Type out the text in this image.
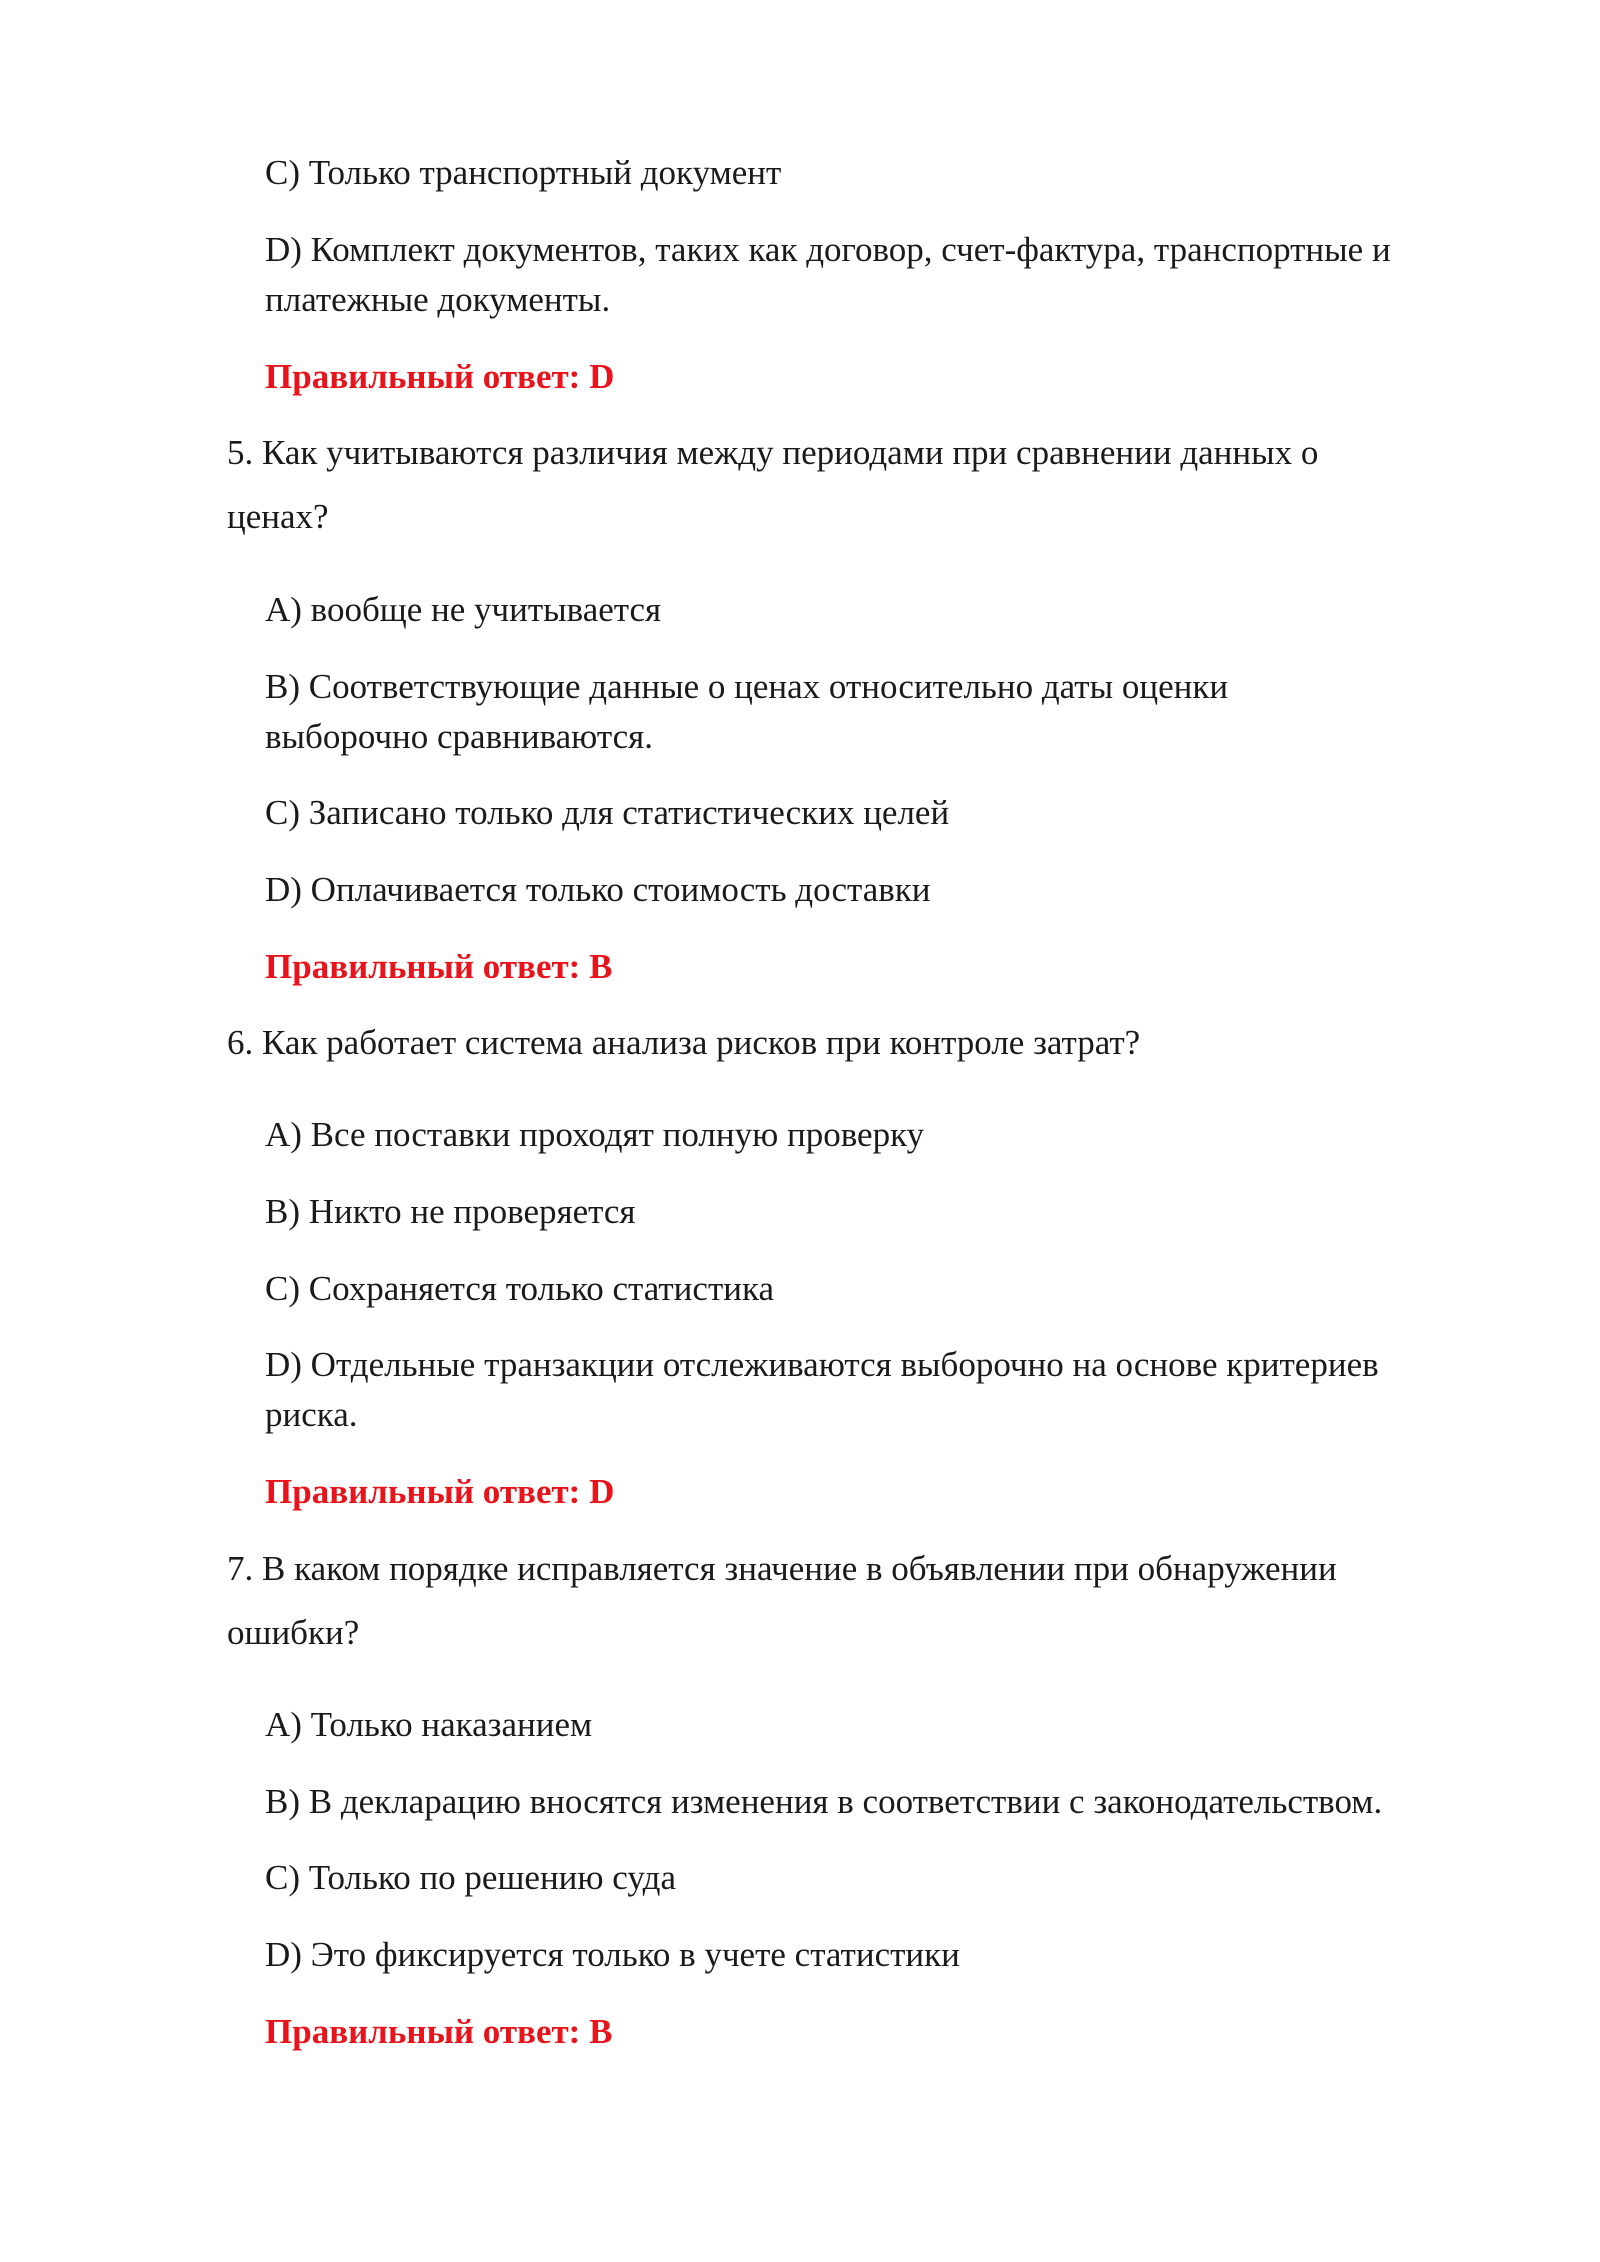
C) Только транспортный документ
D) Комплект документов, таких как договор, счет-фактура, транспортные и
платежные документы.
Правильный ответ: D
5. Как учитываются различия между периодами при сравнении данных о
ценах?
A) вообще не учитывается
B) Соответствующие данные о ценах относительно даты оценки
выборочно сравниваются.
C) Записано только для статистических целей
D) Оплачивается только стоимость доставки
Правильный ответ: B
6. Как работает система анализа рисков при контроле затрат?
A) Все поставки проходят полную проверку
B) Никто не проверяется
C) Сохраняется только статистика
D) Отдельные транзакции отслеживаются выборочно на основе критериев
риска.
Правильный ответ: D
7. В каком порядке исправляется значение в объявлении при обнаружении
ошибки?
A) Только наказанием
B) В декларацию вносятся изменения в соответствии с законодательством.
C) Только по решению суда
D) Это фиксируется только в учете статистики
Правильный ответ: B
